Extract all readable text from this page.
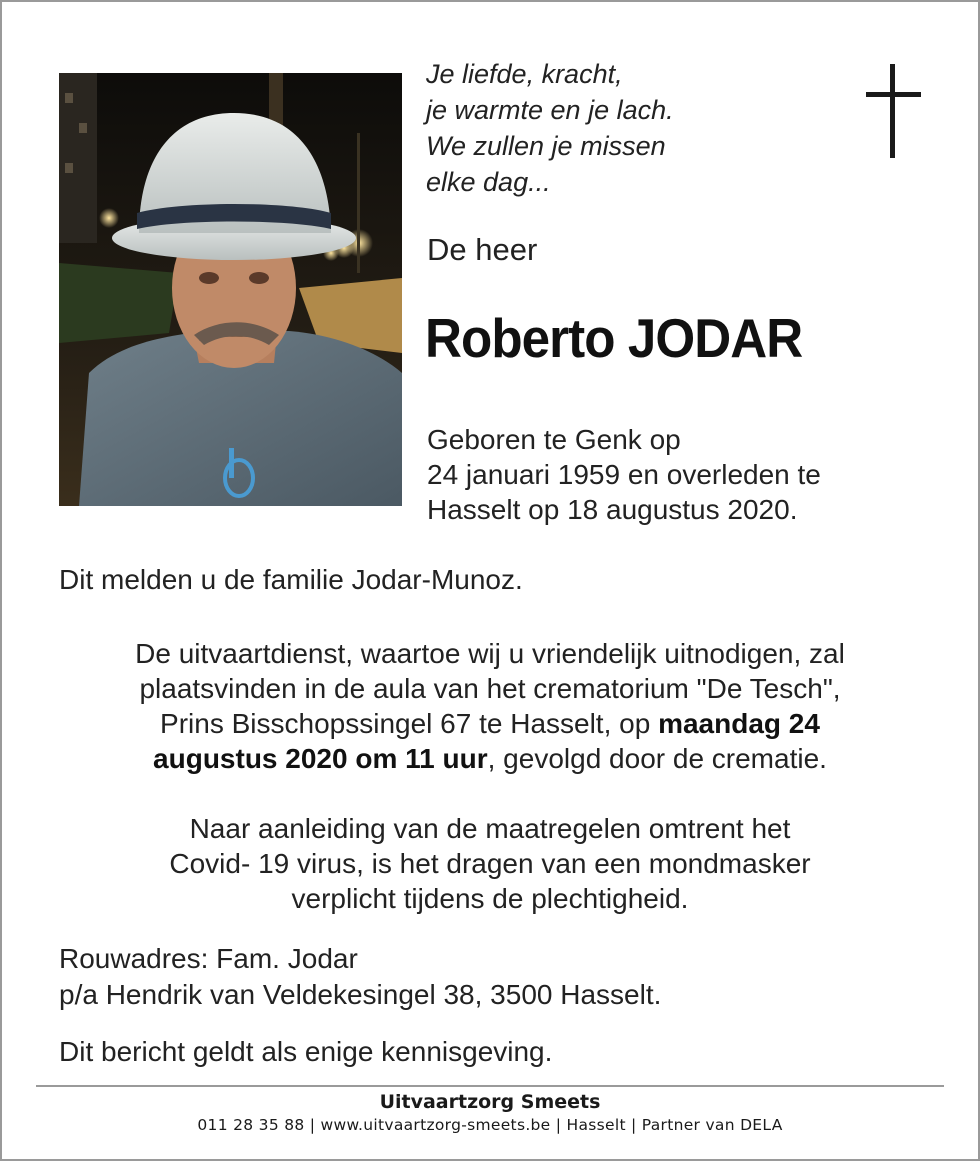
Je liefde, kracht,
je warmte en je lach.
We zullen je missen
elke dag...
De heer
Roberto JODAR
Geboren te Genk op
24 januari 1959 en overleden te
Hasselt op 18 augustus 2020.
Dit melden u de familie Jodar-Munoz.
De uitvaartdienst, waartoe wij u vriendelijk uitnodigen, zal
plaatsvinden in de aula van het crematorium "De Tesch",
Prins Bisschopssingel 67 te Hasselt, op maandag 24
augustus 2020 om 11 uur, gevolgd door de crematie.
Naar aanleiding van de maatregelen omtrent het
Covid- 19 virus, is het dragen van een mondmasker
verplicht tijdens de plechtigheid.
Rouwadres: Fam. Jodar
p/a Hendrik van Veldekesingel 38, 3500 Hasselt.
Dit bericht geldt als enige kennisgeving.
Uitvaartzorg Smeets
011 28 35 88 | www.uitvaartzorg-smeets.be | Hasselt | Partner van DELA
